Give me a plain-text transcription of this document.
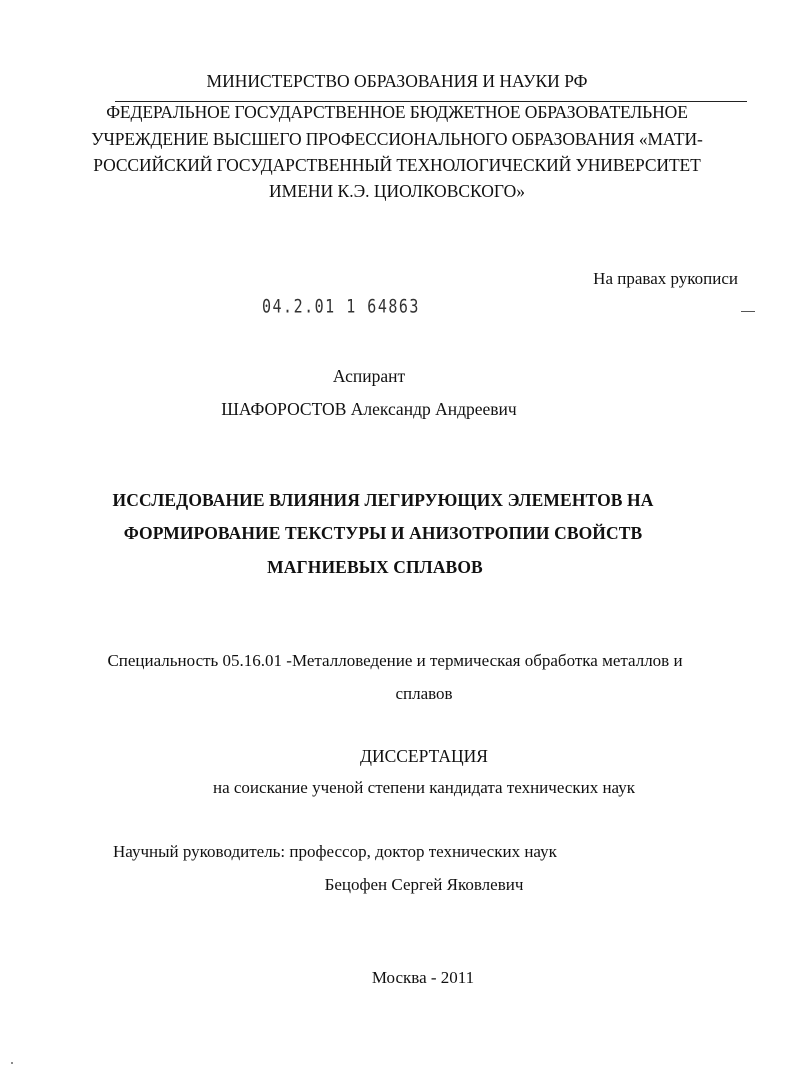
МИНИСТЕРСТВО ОБРАЗОВАНИЯ И НАУКИ РФ
ФЕДЕРАЛЬНОЕ ГОСУДАРСТВЕННОЕ БЮДЖЕТНОЕ ОБРАЗОВАТЕЛЬНОЕ
УЧРЕЖДЕНИЕ ВЫСШЕГО ПРОФЕССИОНАЛЬНОГО ОБРАЗОВАНИЯ «МАТИ-
РОССИЙСКИЙ ГОСУДАРСТВЕННЫЙ ТЕХНОЛОГИЧЕСКИЙ УНИВЕРСИТЕТ
ИМЕНИ К.Э. ЦИОЛКОВСКОГО»
На правах рукописи
04.2.01 1 64863
Аспирант
ШАФОРОСТОВ Александр Андреевич
ИССЛЕДОВАНИЕ ВЛИЯНИЯ ЛЕГИРУЮЩИХ ЭЛЕМЕНТОВ НА
ФОРМИРОВАНИЕ ТЕКСТУРЫ И АНИЗОТРОПИИ СВОЙСТВ
МАГНИЕВЫХ СПЛАВОВ
Специальность 05.16.01 -Металловедение и термическая обработка металлов и
сплавов
ДИССЕРТАЦИЯ
на соискание ученой степени кандидата технических наук
Научный руководитель: профессор, доктор технических наук
Бецофен Сергей Яковлевич
Москва - 2011
